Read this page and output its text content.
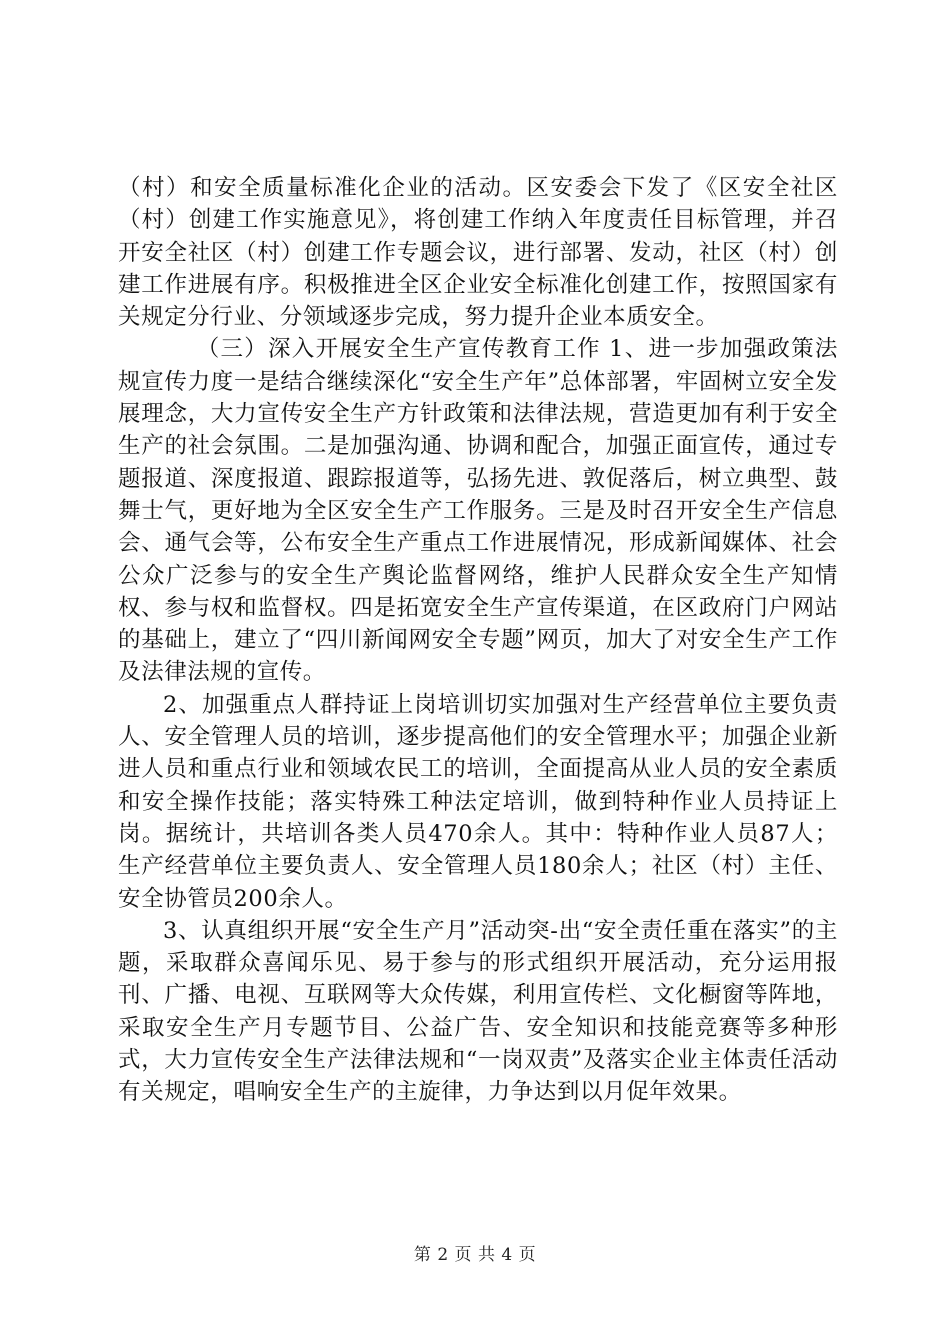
（村）和安全质量标准化企业的活动。区安委会下发了《区安全社区（村）创建工作实施意见》，将创建工作纳入年度责任目标管理，并召开安全社区（村）创建工作专题会议，进行部署、发动，社区（村）创建工作进展有序。积极推进全区企业安全标准化创建工作，按照国家有关规定分行业、分领域逐步完成，努力提升企业本质安全。

（三）深入开展安全生产宣传教育工作 1、进一步加强政策法规宣传力度一是结合继续深化“安全生产年”总体部署，牢固树立安全发展理念，大力宣传安全生产方针政策和法律法规，营造更加有利于安全生产的社会氛围。二是加强沟通、协调和配合，加强正面宣传，通过专题报道、深度报道、跟踪报道等，弘扬先进、敦促落后，树立典型、鼓舞士气，更好地为全区安全生产工作服务。三是及时召开安全生产信息会、通气会等，公布安全生产重点工作进展情况，形成新闻媒体、社会公众广泛参与的安全生产舆论监督网络，维护人民群众安全生产知情权、参与权和监督权。四是拓宽安全生产宣传渠道，在区政府门户网站的基础上，建立了“四川新闻网安全专题”网页，加大了对安全生产工作及法律法规的宣传。

2、加强重点人群持证上岗培训切实加强对生产经营单位主要负责人、安全管理人员的培训，逐步提高他们的安全管理水平；加强企业新进人员和重点行业和领域农民工的培训，全面提高从业人员的安全素质和安全操作技能；落实特殊工种法定培训，做到特种作业人员持证上岗。据统计，共培训各类人员470余人。其中：特种作业人员87人；生产经营单位主要负责人、安全管理人员180余人；社区（村）主任、安全协管员200余人。

3、认真组织开展“安全生产月”活动突-出“安全责任重在落实”的主题，采取群众喜闻乐见、易于参与的形式组织开展活动，充分运用报刊、广播、电视、互联网等大众传媒，利用宣传栏、文化橱窗等阵地，采取安全生产月专题节目、公益广告、安全知识和技能竞赛等多种形式，大力宣传安全生产法律法规和“一岗双责”及落实企业主体责任活动有关规定，唱响安全生产的主旋律，力争达到以月促年效果。

第 2 页 共 4 页
